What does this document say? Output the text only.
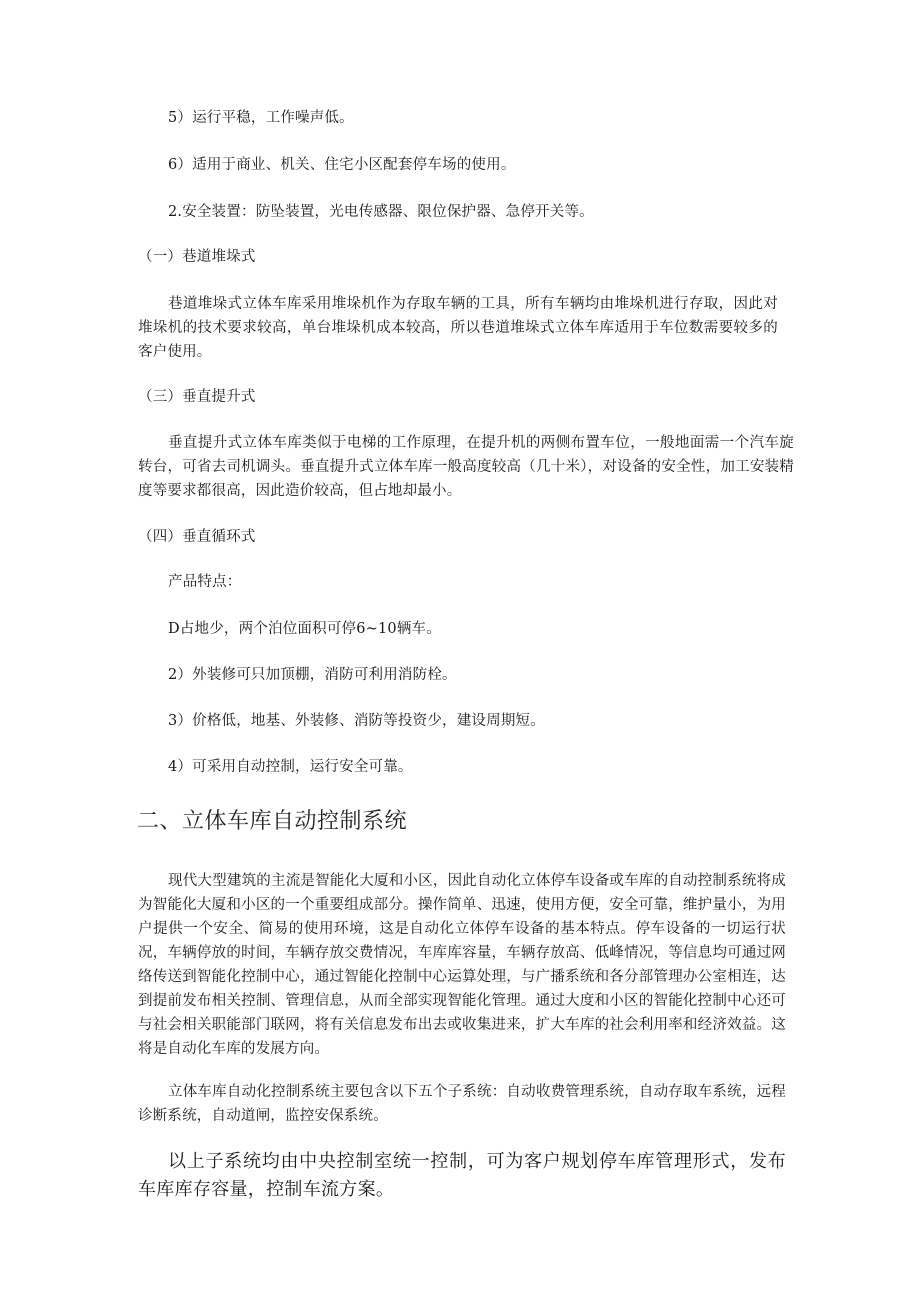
5）运行平稳，工作噪声低。
6）适用于商业、机关、住宅小区配套停车场的使用。
2.安全装置：防坠装置，光电传感器、限位保护器、急停开关等。
（一）巷道堆垛式
巷道堆垛式立体车库采用堆垛机作为存取车辆的工具，所有车辆均由堆垛机进行存取，因此对堆垛机的技术要求较高，单台堆垛机成本较高，所以巷道堆垛式立体车库适用于车位数需要较多的客户使用。
（三）垂直提升式
垂直提升式立体车库类似于电梯的工作原理，在提升机的两侧布置车位，一般地面需一个汽车旋转台，可省去司机调头。垂直提升式立体车库一般高度较高（几十米），对设备的安全性，加工安装精度等要求都很高，因此造价较高，但占地却最小。
（四）垂直循环式
产品特点：
D占地少，两个泊位面积可停6~10辆车。
2）外装修可只加顶棚，消防可利用消防栓。
3）价格低，地基、外装修、消防等投资少，建设周期短。
4）可采用自动控制，运行安全可靠。
二、立体车库自动控制系统
现代大型建筑的主流是智能化大厦和小区，因此自动化立体停车设备或车库的自动控制系统将成为智能化大厦和小区的一个重要组成部分。操作简单、迅速，使用方便，安全可靠，维护量小，为用户提供一个安全、简易的使用环境，这是自动化立体停车设备的基本特点。停车设备的一切运行状况，车辆停放的时间，车辆存放交费情况，车库库容量，车辆存放高、低峰情况，等信息均可通过网络传送到智能化控制中心，通过智能化控制中心运算处理，与广播系统和各分部管理办公室相连，达到提前发布相关控制、管理信息，从而全部实现智能化管理。通过大度和小区的智能化控制中心还可与社会相关职能部门联网，将有关信息发布出去或收集进来，扩大车库的社会利用率和经济效益。这将是自动化车库的发展方向。
立体车库自动化控制系统主要包含以下五个子系统：自动收费管理系统，自动存取车系统，远程诊断系统，自动道闸，监控安保系统。
以上子系统均由中央控制室统一控制，可为客户规划停车库管理形式，发布车库库存容量，控制车流方案。
